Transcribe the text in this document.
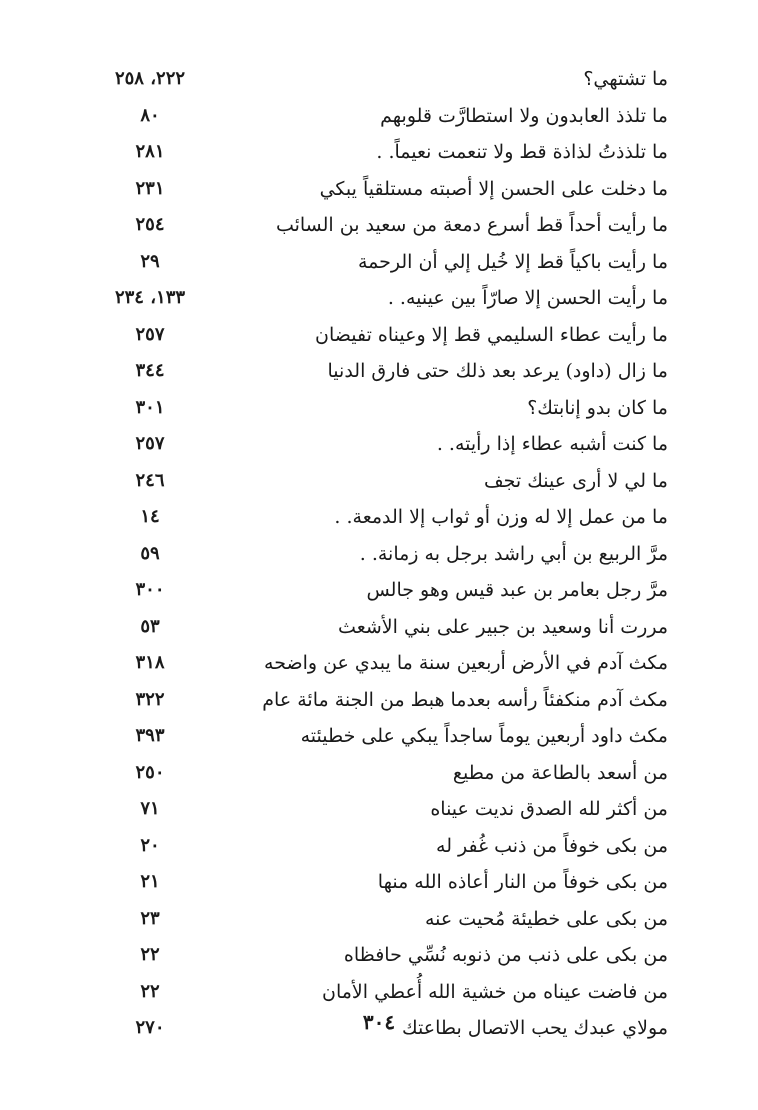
ما تشتهي؟
٢٢٢، ٢٥٨
ما تلذذ العابدون ولا استطارَّت قلوبهم
٨٠
ما تلذذتُ لذاذة قط ولا تنعمت نعيماً. .
٢٨١
ما دخلت على الحسن إلا أصبته مستلقياً يبكي
٢٣١
ما رأيت أحداً قط أسرع دمعة من سعيد بن السائب
٢٥٤
ما رأيت باكياً قط إلا خُيل إلي أن الرحمة
٢٩
ما رأيت الحسن إلا صارّاً بين عينيه. .
١٣٣، ٢٣٤
ما رأيت عطاء السليمي قط إلا وعيناه تفيضان
٢٥٧
ما زال (داود) يرعد بعد ذلك حتى فارق الدنيا
٣٤٤
ما كان بدو إنابتك؟
٣٠١
ما كنت أشبه عطاء إذا رأيته. .
٢٥٧
ما لي لا أرى عينك تجف
٢٤٦
ما من عمل إلا له وزن أو ثواب إلا الدمعة. .
١٤
مرَّ الربيع بن أبي راشد برجل به زمانة. .
٥٩
مرَّ رجل بعامر بن عبد قيس وهو جالس
٣٠٠
مررت أنا وسعيد بن جبير على بني الأشعث
٥٣
مكث آدم في الأرض أربعين سنة ما يبدي عن واضحه
٣١٨
مكث آدم منكفئاً رأسه بعدما هبط من الجنة مائة عام
٣٢٢
مكث داود أربعين يوماً ساجداً يبكي على خطيئته
٣٩٣
من أسعد بالطاعة من مطيع
٢٥٠
من أكثر لله الصدق نديت عيناه
٧١
من بكى خوفاً من ذنب غُفر له
٢٠
من بكى خوفاً من النار أعاذه الله منها
٢١
من بكى على خطيئة مُحيت عنه
٢٣
من بكى على ذنب من ذنوبه نُسِّي حافظاه
٢٢
من فاضت عيناه من خشية الله أُعطي الأمان
٢٢
مولاي عبدك يحب الاتصال بطاعتك
٢٧٠	٣٠٤
